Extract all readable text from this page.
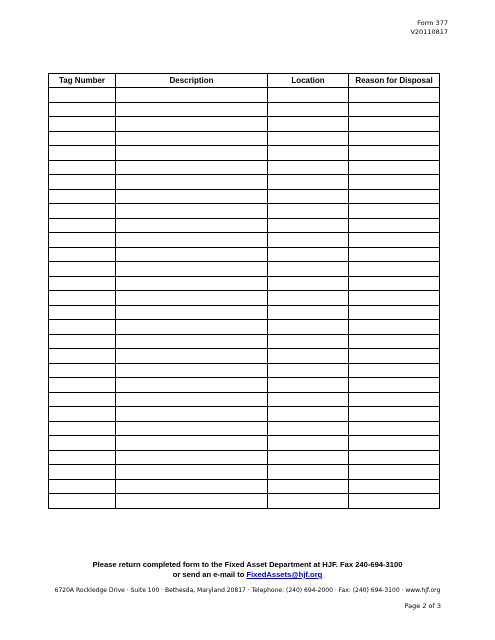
Form 377
V20110817
Tag Number	Description	Location	Reason for Disposal

Please return completed form to the Fixed Asset Department at HJF. Fax 240-694-3100
or send an e-mail to FixedAssets@hjf.org
6720A Rockledge Drive · Suite 100 · Bethesda, Maryland 20817 · Telephone: (240) 694-2000 · Fax: (240) 694-3100 · www.hjf.org
Page 2 of 3
